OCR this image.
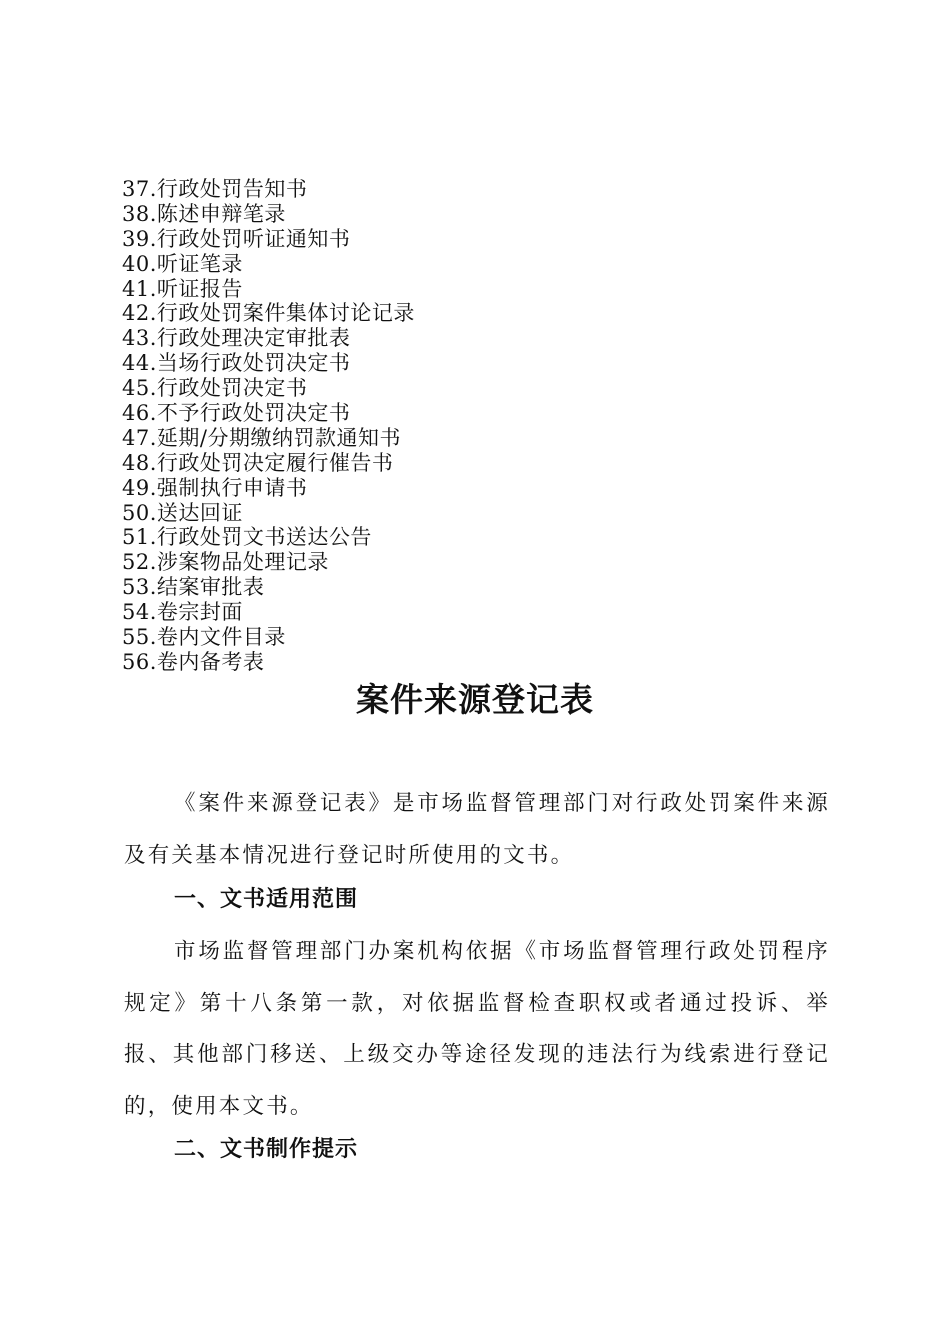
37.行政处罚告知书
38.陈述申辩笔录
39.行政处罚听证通知书
40.听证笔录
41.听证报告
42.行政处罚案件集体讨论记录
43.行政处理决定审批表
44.当场行政处罚决定书
45.行政处罚决定书
46.不予行政处罚决定书
47.延期/分期缴纳罚款通知书
48.行政处罚决定履行催告书
49.强制执行申请书
50.送达回证
51.行政处罚文书送达公告
52.涉案物品处理记录
53.结案审批表
54.卷宗封面
55.卷内文件目录
56.卷内备考表
案件来源登记表

《案件来源登记表》是市场监督管理部门对行政处罚案件来源及有关基本情况进行登记时所使用的文书。

一、文书适用范围

市场监督管理部门办案机构依据《市场监督管理行政处罚程序规定》第十八条第一款，对依据监督检查职权或者通过投诉、举报、其他部门移送、上级交办等途径发现的违法行为线索进行登记的，使用本文书。

二、文书制作提示
